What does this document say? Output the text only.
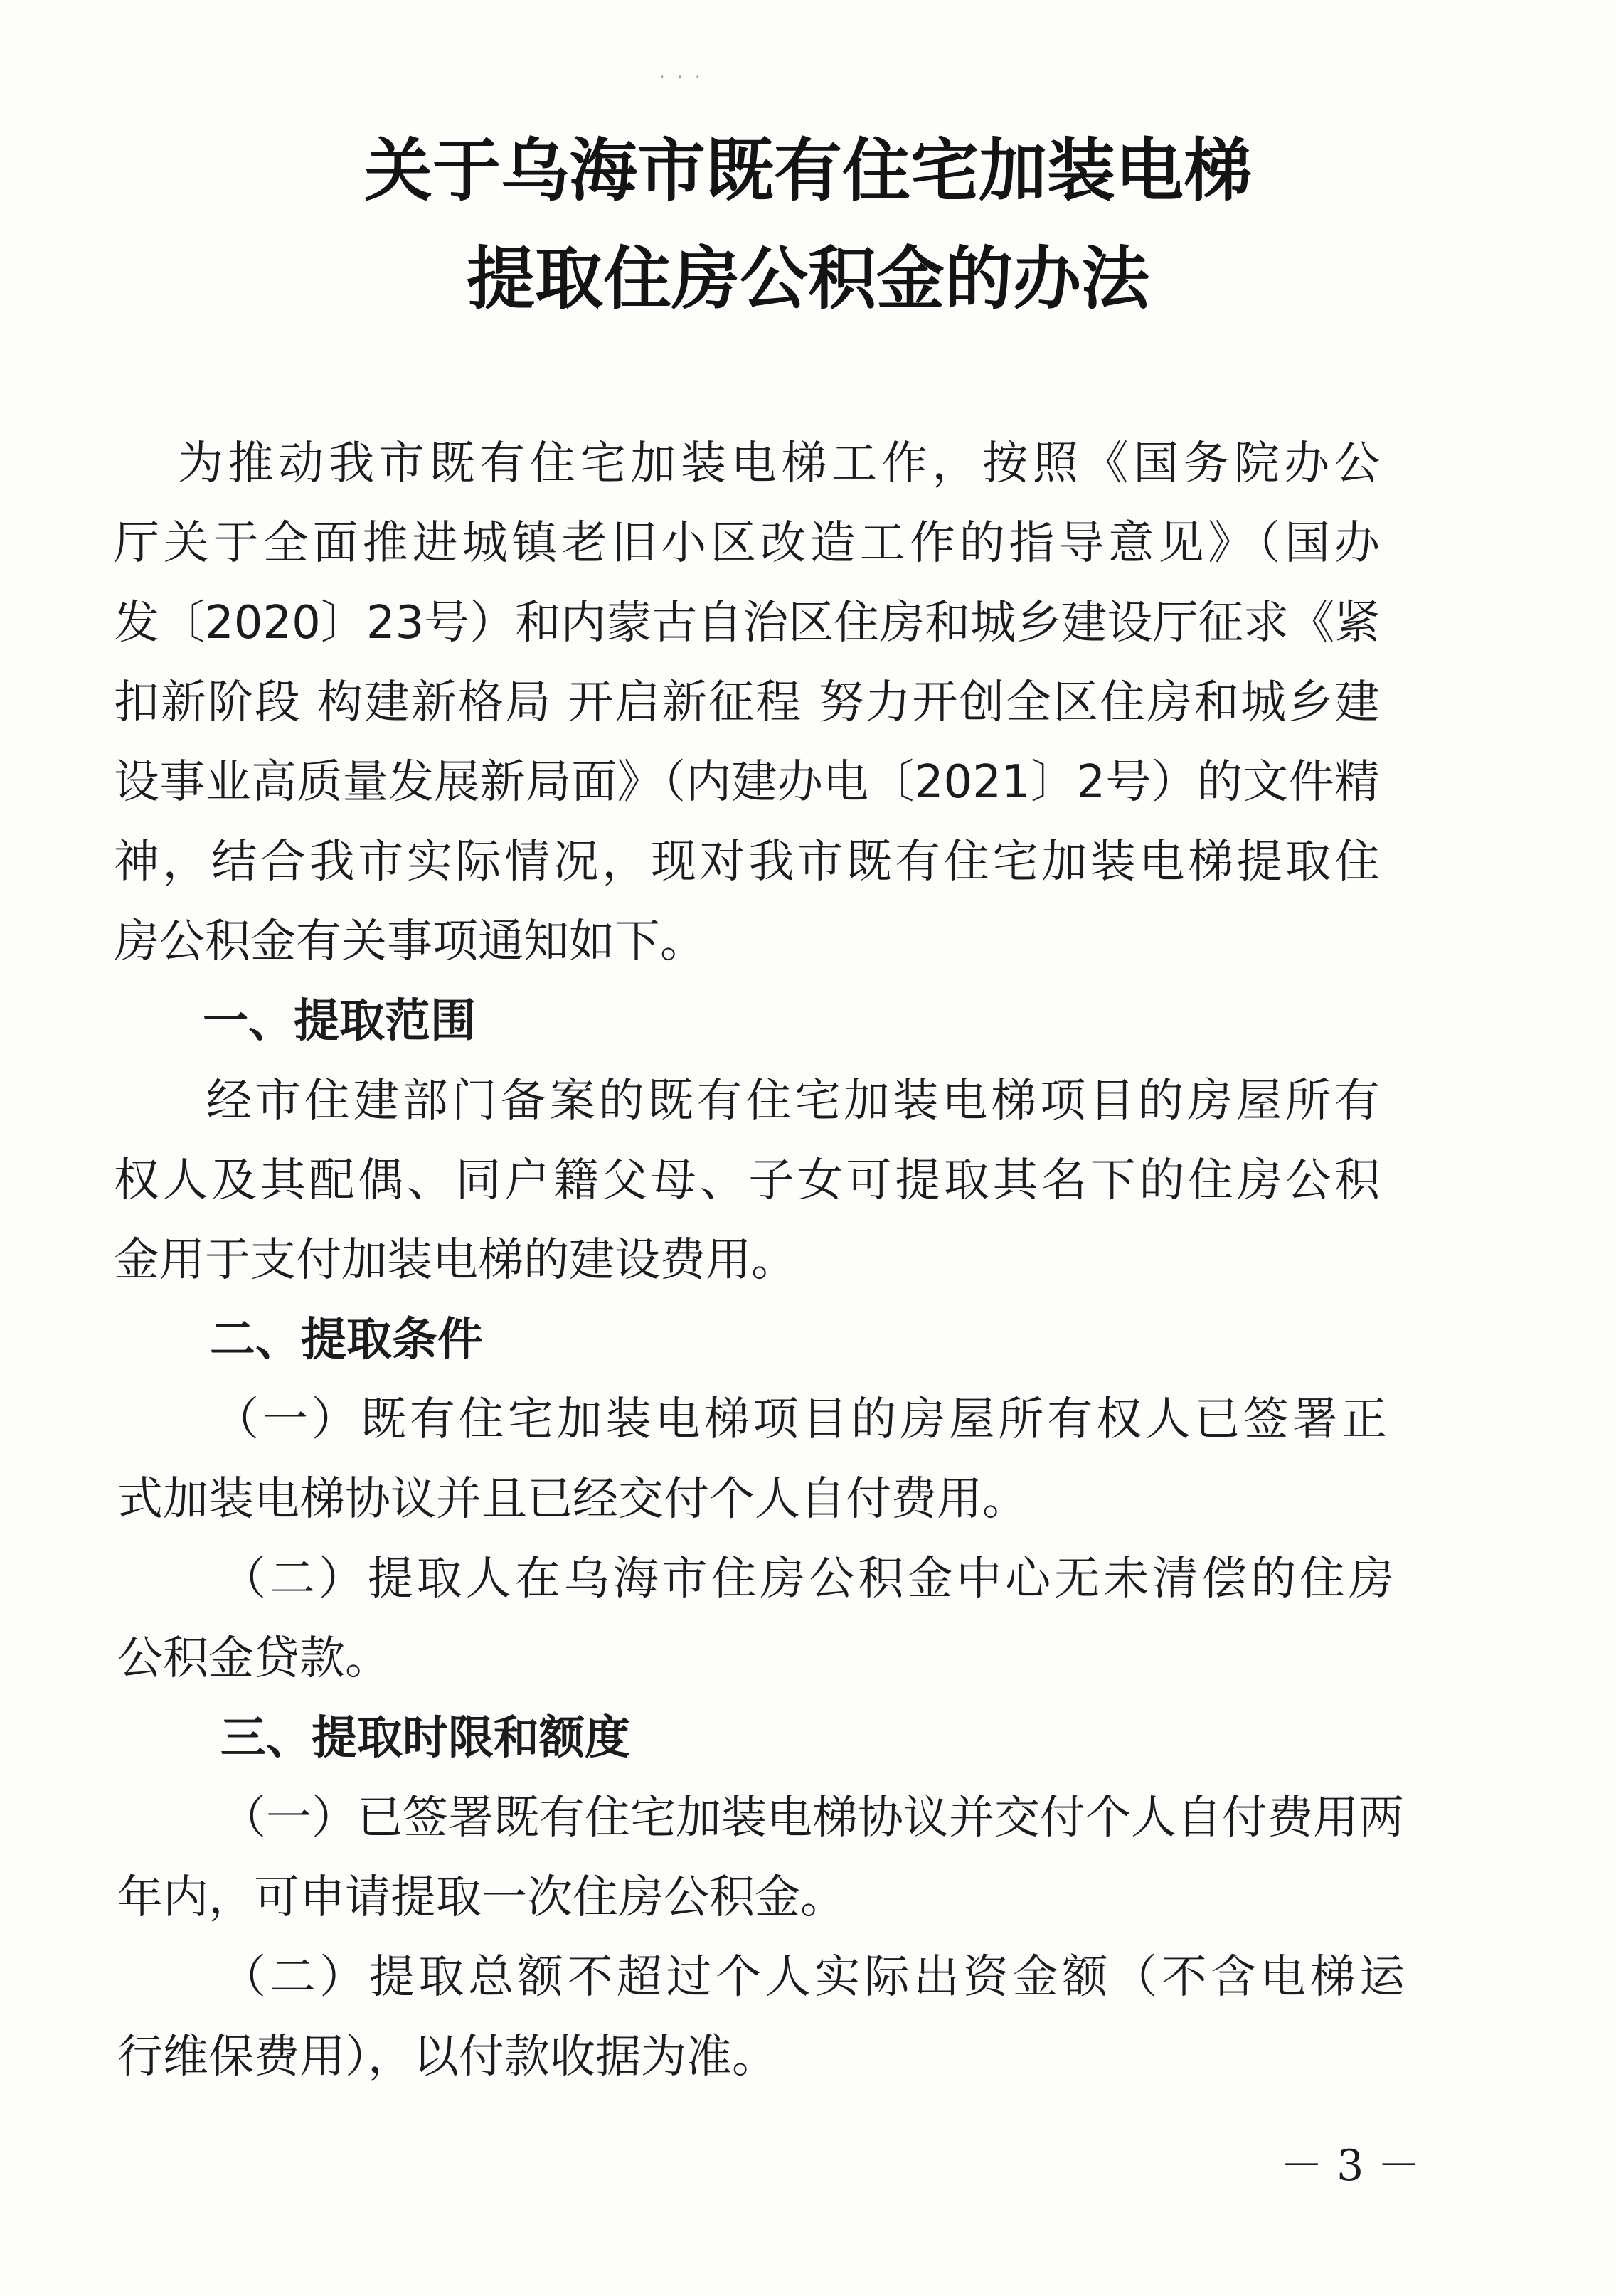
· · ·
关于乌海市既有住宅加装电梯
提取住房公积金的办法
为推动我市既有住宅加装电梯工作，按照《国务院办公
厅关于全面推进城镇老旧小区改造工作的指导意见》（国办
发〔2020〕23号）和内蒙古自治区住房和城乡建设厅征求《紧
扣新阶段 构建新格局 开启新征程 努力开创全区住房和城乡建
设事业高质量发展新局面》（内建办电〔2021〕2号）的文件精
神，结合我市实际情况，现对我市既有住宅加装电梯提取住
房公积金有关事项通知如下。
一、提取范围
经市住建部门备案的既有住宅加装电梯项目的房屋所有
权人及其配偶、同户籍父母、子女可提取其名下的住房公积
金用于支付加装电梯的建设费用。
二、提取条件
（一）既有住宅加装电梯项目的房屋所有权人已签署正
式加装电梯协议并且已经交付个人自付费用。
（二）提取人在乌海市住房公积金中心无未清偿的住房
公积金贷款。
三、提取时限和额度
（一）已签署既有住宅加装电梯协议并交付个人自付费用两
年内，可申请提取一次住房公积金。
（二）提取总额不超过个人实际出资金额（不含电梯运
行维保费用），以付款收据为准。
－ 3 －
